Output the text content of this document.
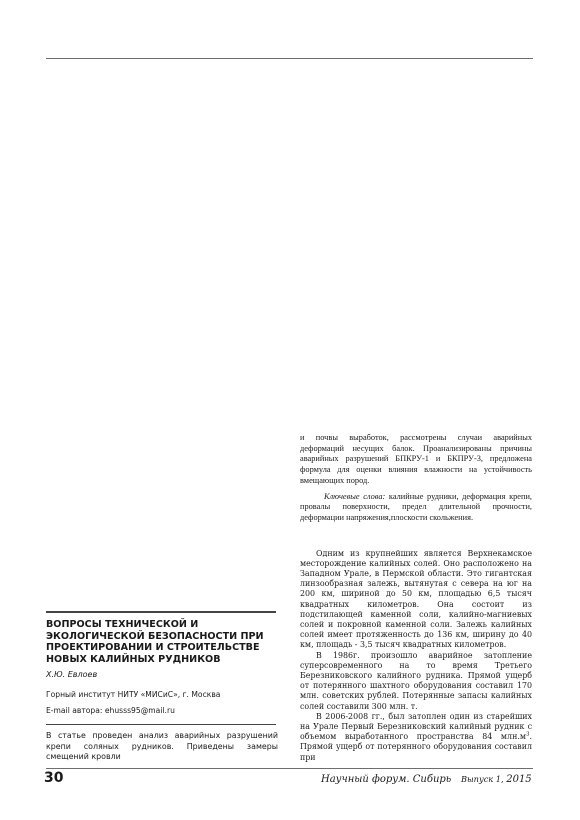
и почвы выработок, рассмотрены случаи аварийных деформаций несущих балок. Проанализированы причины аварийных разрушений БПКРУ-1 и БКПРУ-3, предложена формула для оценки влияния влажности на устойчивость вмещающих пород.

Ключевые слова: калийные рудники, деформация крепи, провалы поверхности, предел длительной прочности, деформации напряжения,плоскости скольжения.

Одним из крупнейших является Верхнекамское месторождение калийных солей. Оно расположено на Западном Урале, в Пермской области. Это гигантская линзообразная залежь, вытянутая с севера на юг на 200 км, шириной до 50 км, площадью 6,5 тысяч квадратных километров. Она состоит из подстилающей каменной соли, калийно-магниевых солей и покровной каменной соли. Залежь калийных солей имеет протяженность до 136 км, ширину до 40 км, площадь - 3,5 тысяч квадратных километров.

В 1986г. произошло аварийное затопление суперсовременного на то время Третьего Березниковского калийного рудника. Прямой ущерб от потерянного шахтного оборудования составил 170 млн. советских рублей. Потерянные запасы калийных солей составили 300 млн. т.

В 2006-2008 гг., был затоплен один из старейших на Урале Первый Березниковский калийный рудник с объемом выработанного пространства 84 $млн.м^3$. Прямой ущерб от потерянного оборудования составил при

ВОПРОСЫ ТЕХНИЧЕСКОЙ И ЭКОЛОГИЧЕСКОЙ БЕЗОПАСНОСТИ ПРИ ПРОЕКТИРОВАНИИ И СТРОИТЕЛЬСТВЕ НОВЫХ КАЛИЙНЫХ РУДНИКОВ

Х.Ю. Евлоев

Горный институт НИТУ «МИСиС», г. Москва

E-mail автора: ehusss95@mail.ru

В статье проведен анализ аварийных разрушений крепи соляных рудников. Приведены замеры смещений кровли

30	Научный форум. Сибирь Выпуск 1, 2015
